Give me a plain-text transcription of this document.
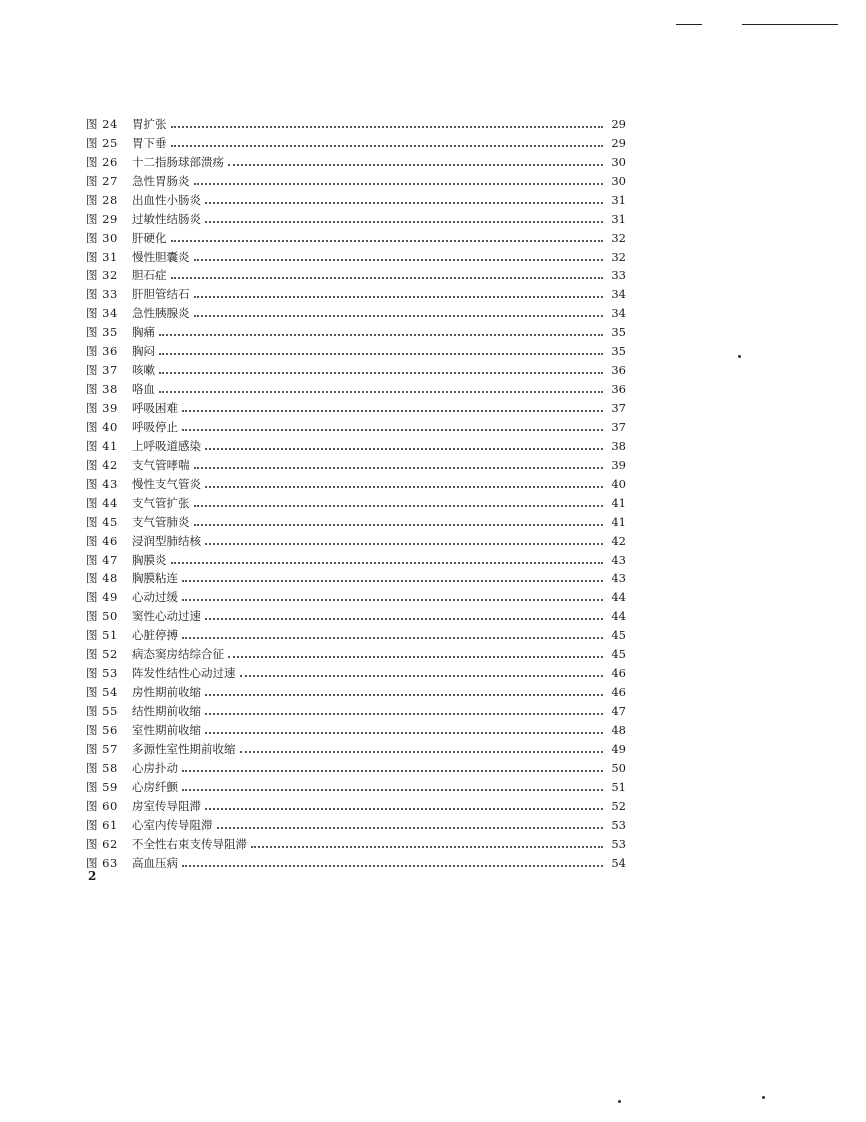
图 24	胃扩张	29
图 25	胃下垂	29
图 26	十二指肠球部溃疡	30
图 27	急性胃肠炎	30
图 28	出血性小肠炎	31
图 29	过敏性结肠炎	31
图 30	肝硬化	32
图 31	慢性胆囊炎	32
图 32	胆石症	33
图 33	肝胆管结石	34
图 34	急性胰腺炎	34
图 35	胸痛	35
图 36	胸闷	35
图 37	咳嗽	36
图 38	咯血	36
图 39	呼吸困难	37
图 40	呼吸停止	37
图 41	上呼吸道感染	38
图 42	支气管哮喘	39
图 43	慢性支气管炎	40
图 44	支气管扩张	41
图 45	支气管肺炎	41
图 46	浸润型肺结核	42
图 47	胸膜炎	43
图 48	胸膜粘连	43
图 49	心动过缓	44
图 50	窦性心动过速	44
图 51	心脏停搏	45
图 52	病态窦房结综合征	45
图 53	阵发性结性心动过速	46
图 54	房性期前收缩	46
图 55	结性期前收缩	47
图 56	室性期前收缩	48
图 57	多源性室性期前收缩	49
图 58	心房扑动	50
图 59	心房纤颤	51
图 60	房室传导阻滞	52
图 61	心室内传导阻滞	53
图 62	不全性右束支传导阻滞	53
图 63	高血压病	54
2
